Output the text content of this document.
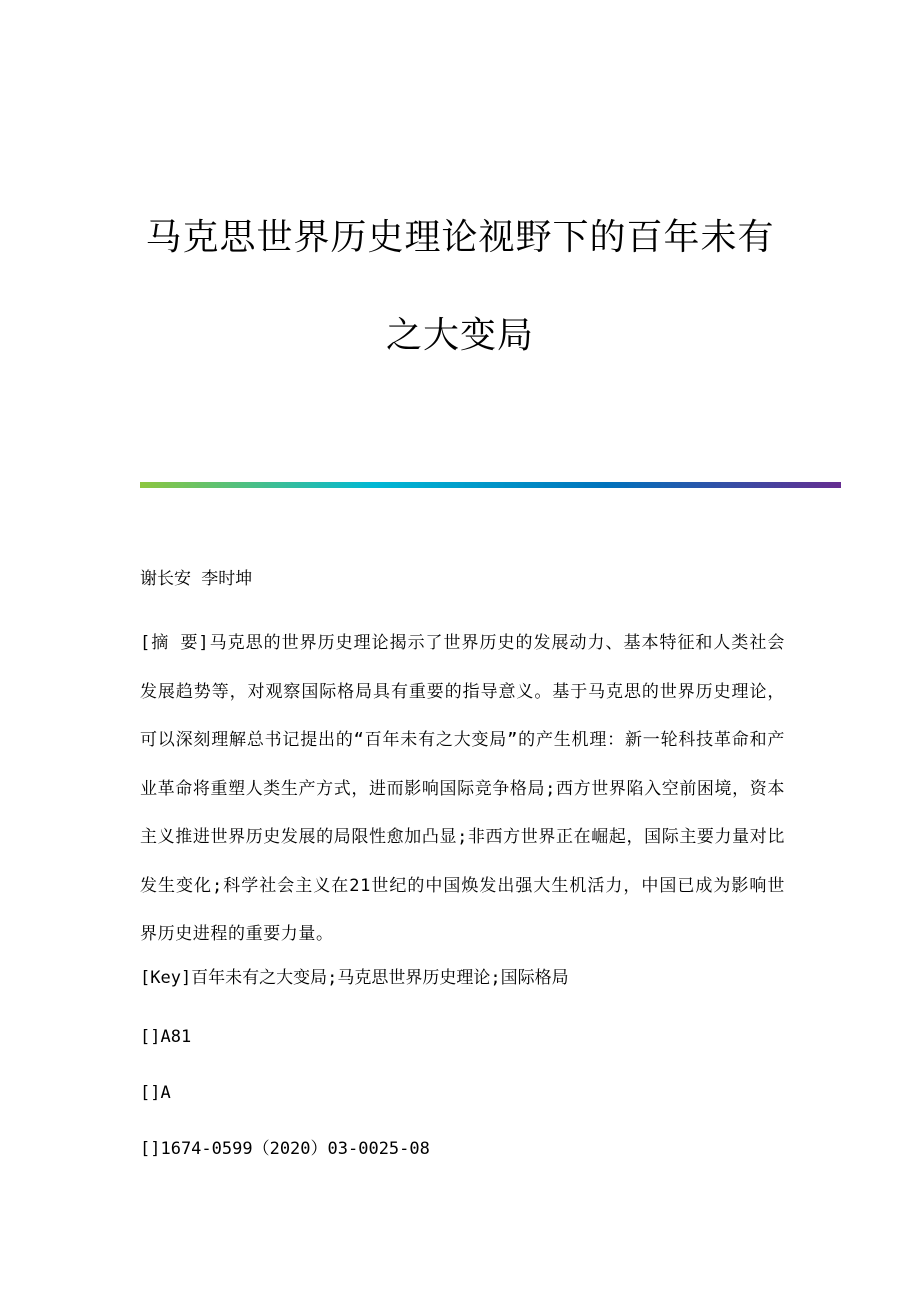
马克思世界历史理论视野下的百年未有
之大变局
谢长安 李时坤
[摘 要]马克思的世界历史理论揭示了世界历史的发展动力、基本特征和人类社会发展趋势等，对观察国际格局具有重要的指导意义。基于马克思的世界历史理论，可以深刻理解总书记提出的“百年未有之大变局”的产生机理：新一轮科技革命和产业革命将重塑人类生产方式，进而影响国际竞争格局;西方世界陷入空前困境，资本主义推进世界历史发展的局限性愈加凸显;非西方世界正在崛起，国际主要力量对比发生变化;科学社会主义在21世纪的中国焕发出强大生机活力，中国已成为影响世界历史进程的重要力量。
[Key]百年未有之大变局;马克思世界历史理论;国际格局
[]A81
[]A
[]1674-0599（2020）03-0025-08
